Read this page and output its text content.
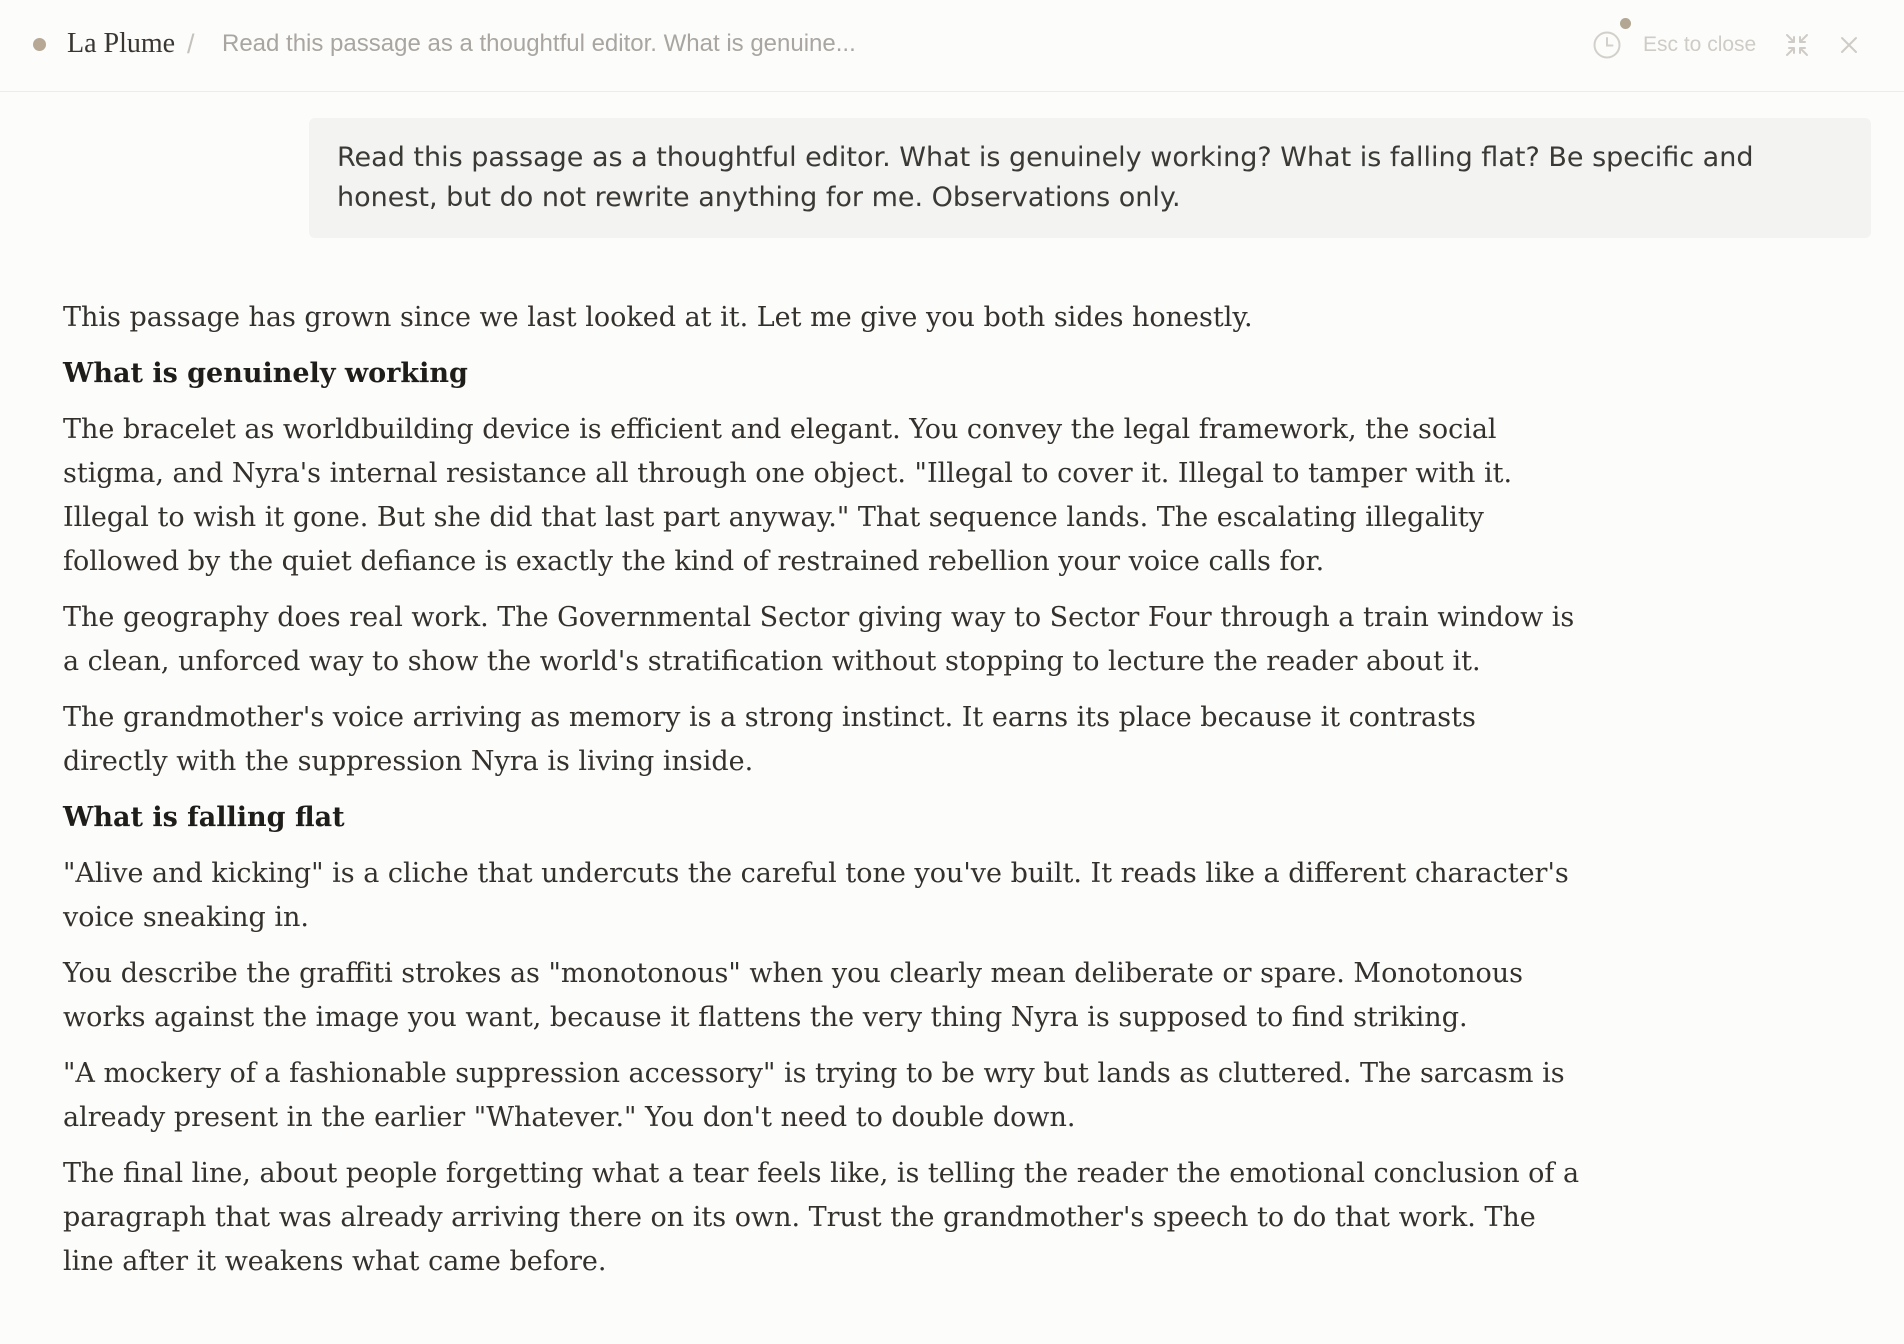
La Plume / Read this passage as a thoughtful editor. What is genuine...	Esc to close
Read this passage as a thoughtful editor. What is genuinely working? What is falling flat? Be specific and honest, but do not rewrite anything for me. Observations only.

This passage has grown since we last looked at it. Let me give you both sides honestly.

What is genuinely working

The bracelet as worldbuilding device is efficient and elegant. You convey the legal framework, the social stigma, and Nyra's internal resistance all through one object. "Illegal to cover it. Illegal to tamper with it. Illegal to wish it gone. But she did that last part anyway." That sequence lands. The escalating illegality followed by the quiet defiance is exactly the kind of restrained rebellion your voice calls for.

The geography does real work. The Governmental Sector giving way to Sector Four through a train window is a clean, unforced way to show the world's stratification without stopping to lecture the reader about it.

The grandmother's voice arriving as memory is a strong instinct. It earns its place because it contrasts directly with the suppression Nyra is living inside.

What is falling flat

"Alive and kicking" is a cliche that undercuts the careful tone you've built. It reads like a different character's voice sneaking in.

You describe the graffiti strokes as "monotonous" when you clearly mean deliberate or spare. Monotonous works against the image you want, because it flattens the very thing Nyra is supposed to find striking.

"A mockery of a fashionable suppression accessory" is trying to be wry but lands as cluttered. The sarcasm is already present in the earlier "Whatever." You don't need to double down.

The final line, about people forgetting what a tear feels like, is telling the reader the emotional conclusion of a paragraph that was already arriving there on its own. Trust the grandmother's speech to do that work. The line after it weakens what came before.
